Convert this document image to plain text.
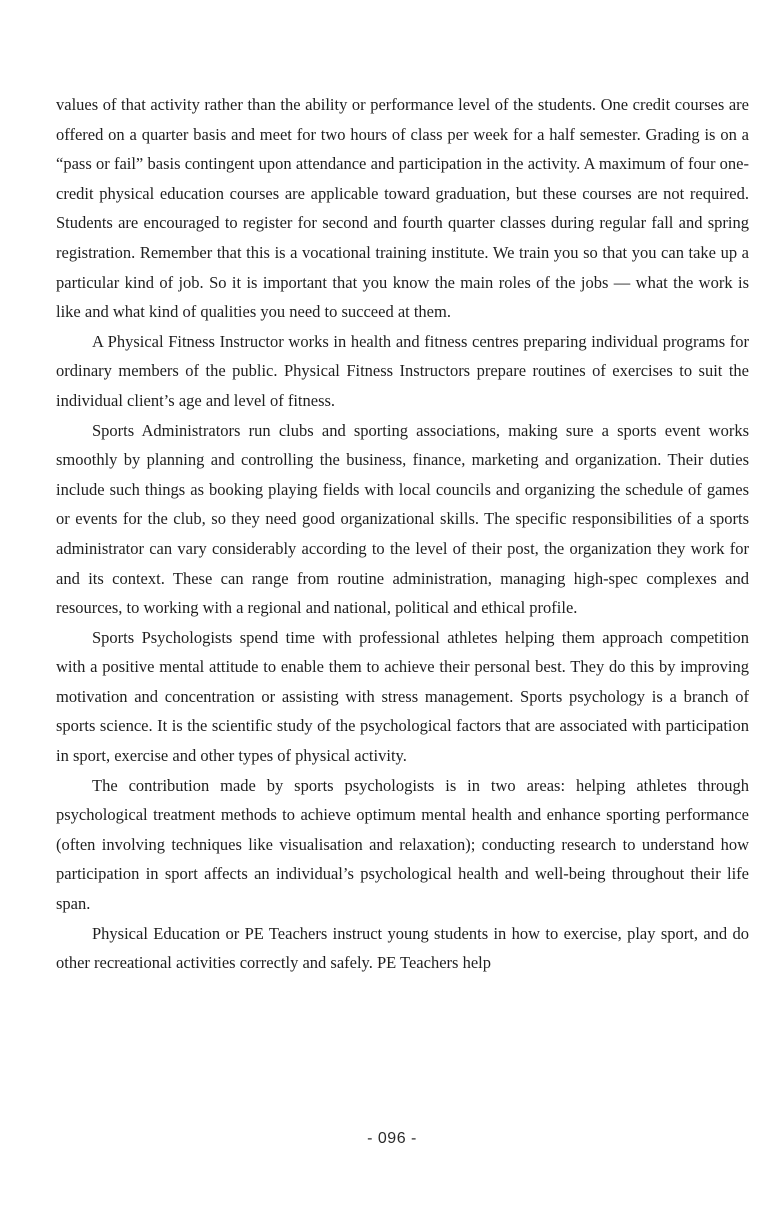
values of that activity rather than the ability or performance level of the students. One credit courses are offered on a quarter basis and meet for two hours of class per week for a half semester. Grading is on a “pass or fail” basis contingent upon attendance and participation in the activity. A maximum of four one-credit physical education courses are applicable toward graduation, but these courses are not required. Students are encouraged to register for second and fourth quarter classes during regular fall and spring registration. Remember that this is a vocational training institute. We train you so that you can take up a particular kind of job. So it is important that you know the main roles of the jobs — what the work is like and what kind of qualities you need to succeed at them.

A Physical Fitness Instructor works in health and fitness centres preparing individual programs for ordinary members of the public. Physical Fitness Instructors prepare routines of exercises to suit the individual client’s age and level of fitness.

Sports Administrators run clubs and sporting associations, making sure a sports event works smoothly by planning and controlling the business, finance, marketing and organization. Their duties include such things as booking playing fields with local councils and organizing the schedule of games or events for the club, so they need good organizational skills. The specific responsibilities of a sports administrator can vary considerably according to the level of their post, the organization they work for and its context. These can range from routine administration, managing high-spec complexes and resources, to working with a regional and national, political and ethical profile.

Sports Psychologists spend time with professional athletes helping them approach competition with a positive mental attitude to enable them to achieve their personal best. They do this by improving motivation and concentration or assisting with stress management. Sports psychology is a branch of sports science. It is the scientific study of the psychological factors that are associated with participation in sport, exercise and other types of physical activity.

The contribution made by sports psychologists is in two areas: helping athletes through psychological treatment methods to achieve optimum mental health and enhance sporting performance (often involving techniques like visualisation and relaxation); conducting research to understand how participation in sport affects an individual’s psychological health and well-being throughout their life span.

Physical Education or PE Teachers instruct young students in how to exercise, play sport, and do other recreational activities correctly and safely. PE Teachers help

- 096 -
